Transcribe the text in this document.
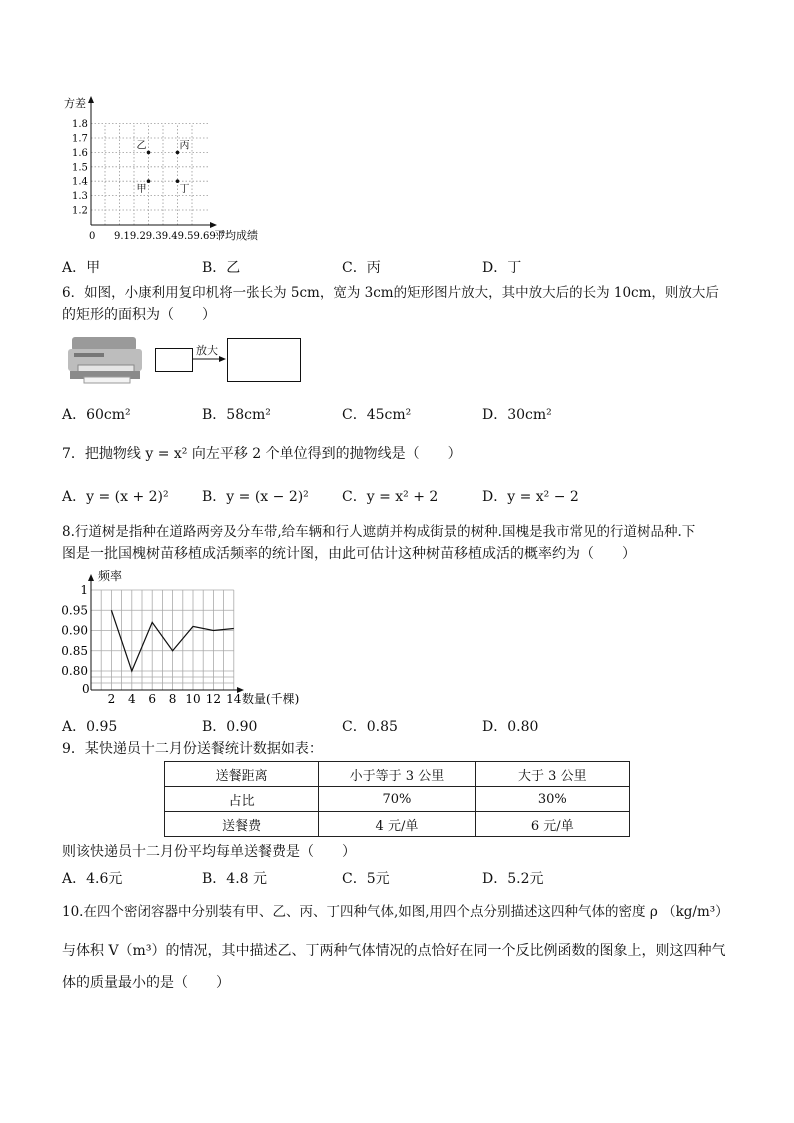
方差
1.8
1.7
1.6
1.5
1.4
1.3
1.2
0 9.19.29.39.49.59.69.7
平均成绩
乙	丙
甲	丁
A．甲	B．乙	C．丙	D．丁
6．如图，小康利用复印机将一张长为 5cm，宽为 3cm的矩形图片放大，其中放大后的长为 10cm，则放大后
的矩形的面积为（　　）
放大
A．60cm²	B．58cm²	C．45cm²	D．30cm²
7．把抛物线 y = x² 向左平移 2 个单位得到的抛物线是（　　）
A．y = (x + 2)² B．y = (x − 2)² C．y = x² + 2	D．y = x² − 2
8.行道树是指种在道路两旁及分车带,给车辆和行人遮荫并构成街景的树种.国槐是我市常见的行道树品种.下
图是一批国槐树苗移植成活频率的统计图，由此可估计这种树苗移植成活的概率约为（　　）
频率
数量(千棵)
0
1
0.95
0.90
0.85
0.80
2 4 6 8 10 12 14
A．0.95	B．0.90	C．0.85	D．0.80
9．某快递员十二月份送餐统计数据如表：
送餐距离	小于等于 3 公里	大于 3 公里
占比	70%	30%
送餐费	4 元/单	6 元/单
则该快递员十二月份平均每单送餐费是（　　）
A．4.6元	B．4.8 元	C．5元	D．5.2元
10.在四个密闭容器中分别装有甲、乙、丙、丁四种气体,如图,用四个点分别描述这四种气体的密度 ρ （kg/m³）
与体积 V（m³）的情况，其中描述乙、丁两种气体情况的点恰好在同一个反比例函数的图象上，则这四种气
体的质量最小的是（　　）
